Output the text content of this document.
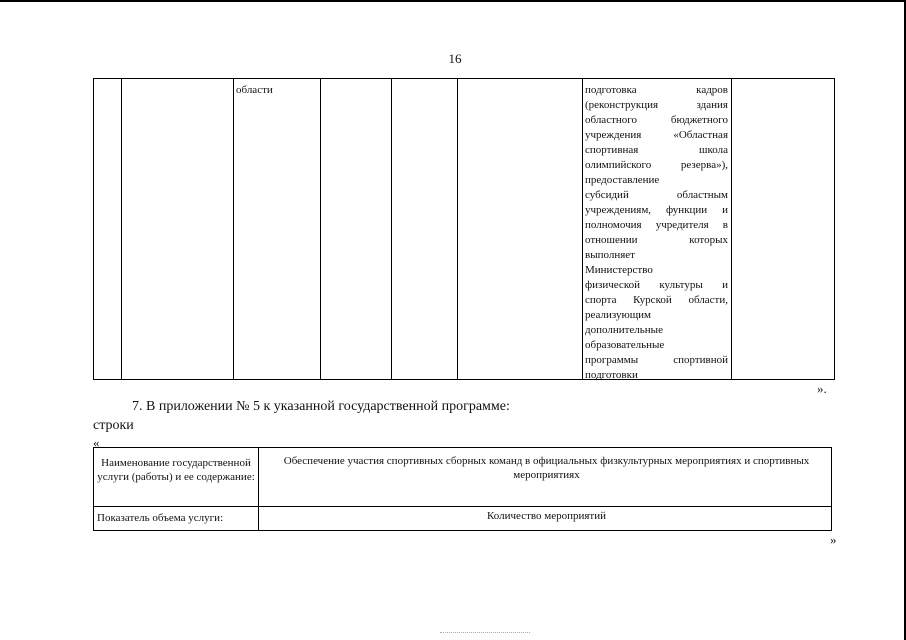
16
области	подготовка кадров
(реконструкция здания
областного бюджетного
учреждения «Областная
спортивная школа
олимпийского резерва»),
предоставление
субсидий областным
учреждениям, функции и
полномочия учредителя в
отношении которых
выполняет
Министерство
физической культуры и
спорта Курской области,
реализующим
дополнительные
образовательные
программы спортивной
подготовки
».
7. В приложении № 5 к указанной государственной программе:
строки
«
Наименование государственной услуги (работы) и ее содержание:
Обеспечение участия спортивных сборных команд в официальных физкультурных мероприятиях и спортивных мероприятиях
Показатель объема услуги:	Количество мероприятий
»
